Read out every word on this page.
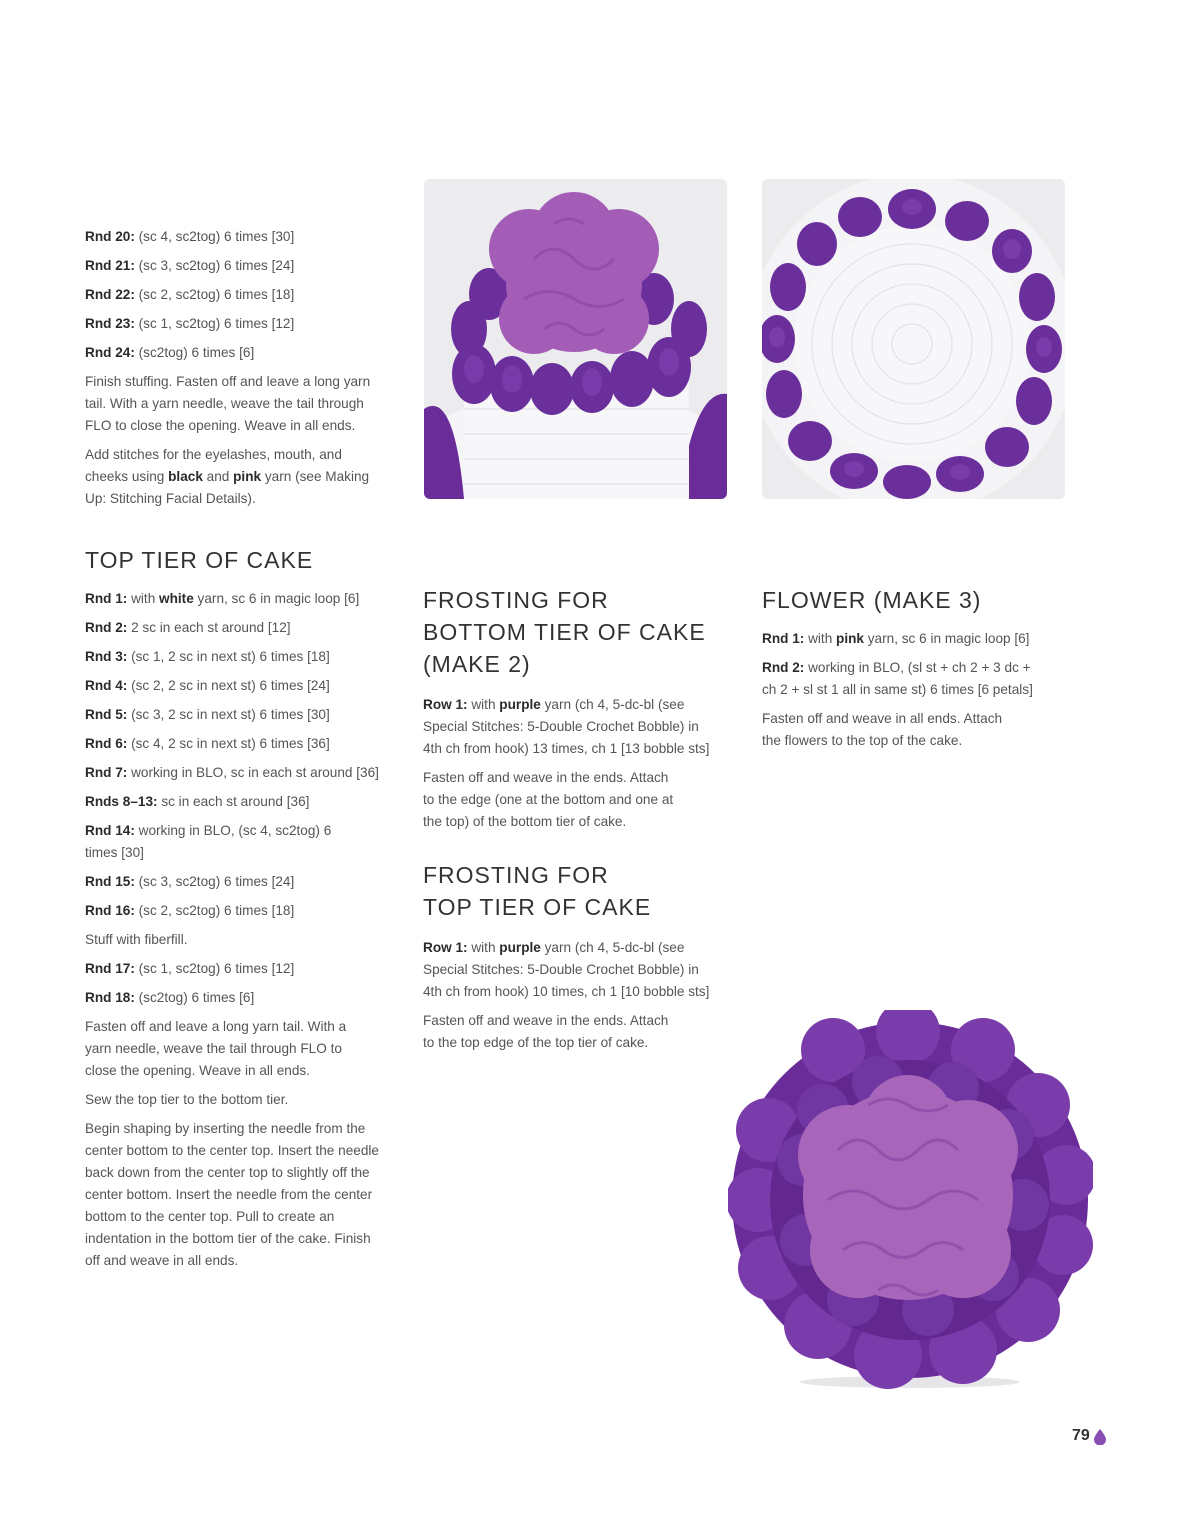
Rnd 20: (sc 4, sc2tog) 6 times [30]

Rnd 21: (sc 3, sc2tog) 6 times [24]

Rnd 22: (sc 2, sc2tog) 6 times [18]

Rnd 23: (sc 1, sc2tog) 6 times [12]

Rnd 24: (sc2tog) 6 times [6]

Finish stuffing. Fasten off and leave a long yarn tail. With a yarn needle, weave the tail through FLO to close the opening. Weave in all ends.

Add stitches for the eyelashes, mouth, and cheeks using black and pink yarn (see Making Up: Stitching Facial Details).

TOP TIER OF CAKE

Rnd 1: with white yarn, sc 6 in magic loop [6]

Rnd 2: 2 sc in each st around [12]

Rnd 3: (sc 1, 2 sc in next st) 6 times [18]

Rnd 4: (sc 2, 2 sc in next st) 6 times [24]

Rnd 5: (sc 3, 2 sc in next st) 6 times [30]

Rnd 6: (sc 4, 2 sc in next st) 6 times [36]

Rnd 7: working in BLO, sc in each st around [36]

Rnds 8–13: sc in each st around [36]

Rnd 14: working in BLO, (sc 4, sc2tog) 6 times [30]

Rnd 15: (sc 3, sc2tog) 6 times [24]

Rnd 16: (sc 2, sc2tog) 6 times [18]

Stuff with fiberfill.

Rnd 17: (sc 1, sc2tog) 6 times [12]

Rnd 18: (sc2tog) 6 times [6]

Fasten off and leave a long yarn tail. With a yarn needle, weave the tail through FLO to close the opening. Weave in all ends.

Sew the top tier to the bottom tier.

Begin shaping by inserting the needle from the center bottom to the center top. Insert the needle back down from the center top to slightly off the center bottom. Insert the needle from the center bottom to the center top. Pull to create an indentation in the bottom tier of the cake. Finish off and weave in all ends.

FROSTING FOR BOTTOM TIER OF CAKE (MAKE 2)

Row 1: with purple yarn (ch 4, 5-dc-bl (see Special Stitches: 5-Double Crochet Bobble) in 4th ch from hook) 13 times, ch 1 [13 bobble sts]

Fasten off and weave in the ends. Attach to the edge (one at the bottom and one at the top) of the bottom tier of cake.

FROSTING FOR TOP TIER OF CAKE

Row 1: with purple yarn (ch 4, 5-dc-bl (see Special Stitches: 5-Double Crochet Bobble) in 4th ch from hook) 10 times, ch 1 [10 bobble sts]

Fasten off and weave in the ends. Attach to the top edge of the top tier of cake.

FLOWER (MAKE 3)

Rnd 1: with pink yarn, sc 6 in magic loop [6]

Rnd 2: working in BLO, (sl st + ch 2 + 3 dc + ch 2 + sl st 1 all in same st) 6 times [6 petals]

Fasten off and weave in all ends. Attach the flowers to the top of the cake.

79
